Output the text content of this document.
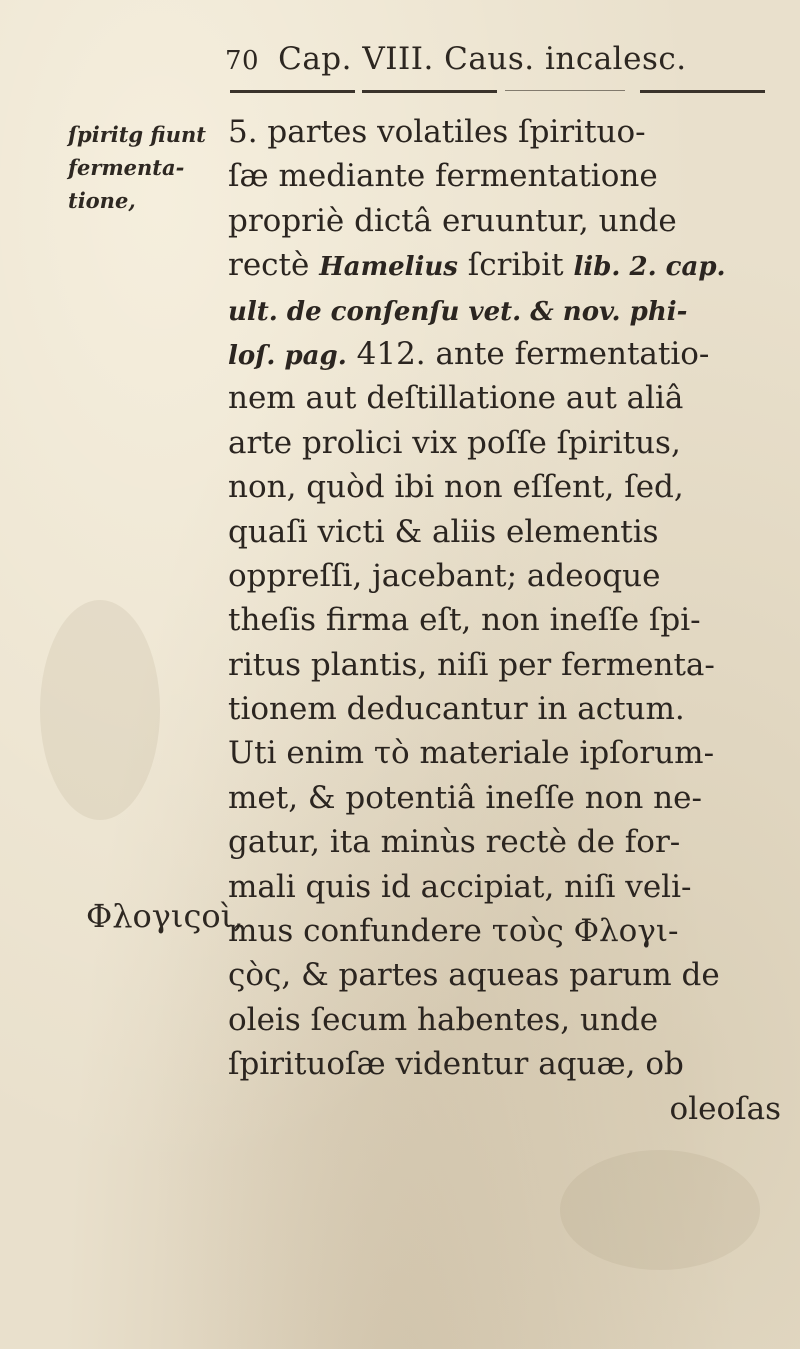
70 Cap. VIII. Caus. incalesc.
ſpiritg fiunt
fermenta-
tione,
Φλογιςοὶ,
5. partes volatiles ſpirituo-
ſæ mediante fermentatione
propriè dictâ eruuntur, unde
rectè Hamelius ſcribit lib. 2. cap.
ult. de conſenſu vet. & nov. phi-
loſ. pag. 412. ante fermentatio-
nem aut deſtillatione aut aliâ
arte prolici vix poſſe ſpiritus,
non, quòd ibi non eſſent, ſed,
quaſi victi & aliis elementis
oppreſſi, jacebant; adeoque
theſis firma eſt, non ineſſe ſpi-
ritus plantis, niſi per fermenta-
tionem deducantur in actum.
Uti enim τὸ materiale ipſorum-
met, & potentiâ ineſſe non ne-
gatur, ita minùs rectè de for-
mali quis id accipiat, niſi veli-
mus confundere τοὺς Φλογι-
ςὸς, & partes aqueas parum de
oleis ſecum habentes, unde
ſpirituoſæ videntur aquæ, ob
oleoſas
